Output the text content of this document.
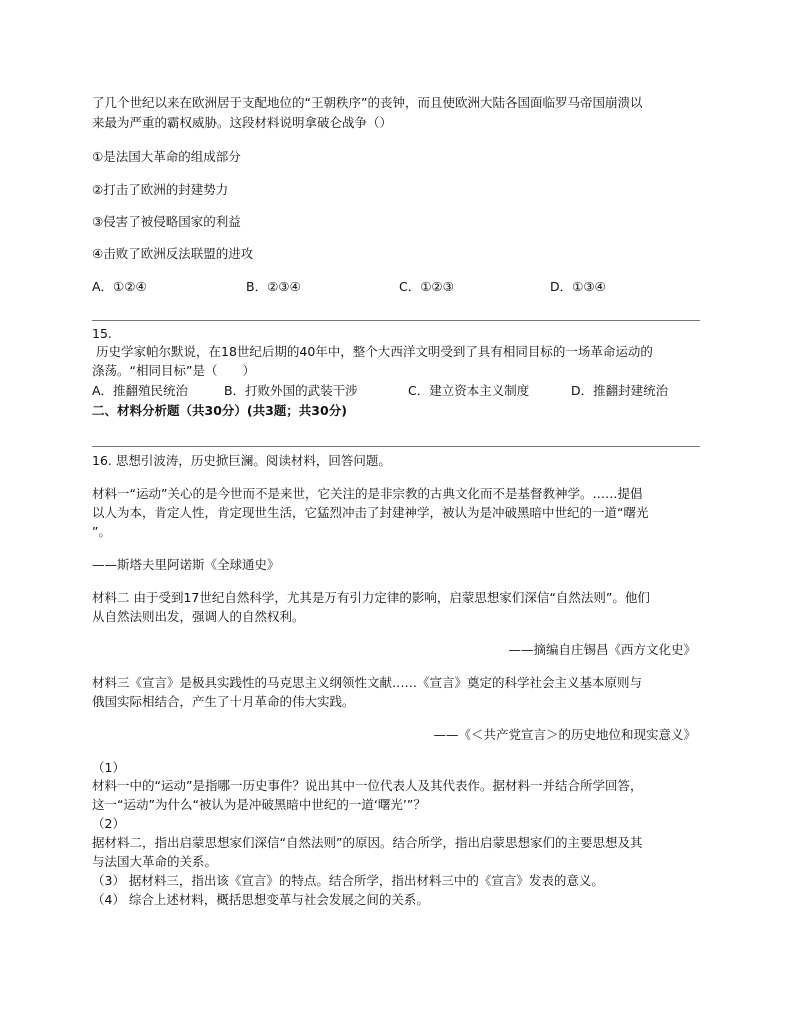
了几个世纪以来在欧洲居于支配地位的“王朝秩序”的丧钟，而且使欧洲大陆各国面临罗马帝国崩溃以
来最为严重的霸权威胁。这段材料说明拿破仑战争（）
①是法国大革命的组成部分
②打击了欧洲的封建势力
③侵害了被侵略国家的利益
④击败了欧洲反法联盟的进攻
A．①②④	B．②③④	C．①②③	D．①③④
15.
历史学家帕尔默说，在18世纪后期的40年中，整个大西洋文明受到了具有相同目标的一场革命运动的
涤荡。“相同目标”是（　　）
A．推翻殖民统治	B．打败外国的武装干涉	C．建立资本主义制度	D．推翻封建统治
二、材料分析题（共30分）(共3题；共30分)
16. 思想引波涛，历史掀巨澜。阅读材料，回答问题。
材料一“运动”关心的是今世而不是来世，它关注的是非宗教的古典文化而不是基督教神学。……提倡
以人为本，肯定人性，肯定现世生活，它猛烈冲击了封建神学，被认为是冲破黑暗中世纪的一道“曙光
”。
——斯塔夫里阿诺斯《全球通史》
材料二 由于受到17世纪自然科学，尤其是万有引力定律的影响，启蒙思想家们深信“自然法则”。他们
从自然法则出发，强调人的自然权利。
——摘编自庄锡昌《西方文化史》
材料三《宣言》是极具实践性的马克思主义纲领性文献……《宣言》奠定的科学社会主义基本原则与
俄国实际相结合，产生了十月革命的伟大实践。
——《＜共产党宣言＞的历史地位和现实意义》
（1）
材料一中的“运动”是指哪一历史事件？说出其中一位代表人及其代表作。据材料一并结合所学回答，
这一“运动”为什么“被认为是冲破黑暗中世纪的一道‘曙光’”？
（2）
据材料二，指出启蒙思想家们深信“自然法则”的原因。结合所学，指出启蒙思想家们的主要思想及其
与法国大革命的关系。
（3） 据材料三，指出该《宣言》的特点。结合所学，指出材料三中的《宣言》发表的意义。
（4） 综合上述材料，概括思想变革与社会发展之间的关系。
